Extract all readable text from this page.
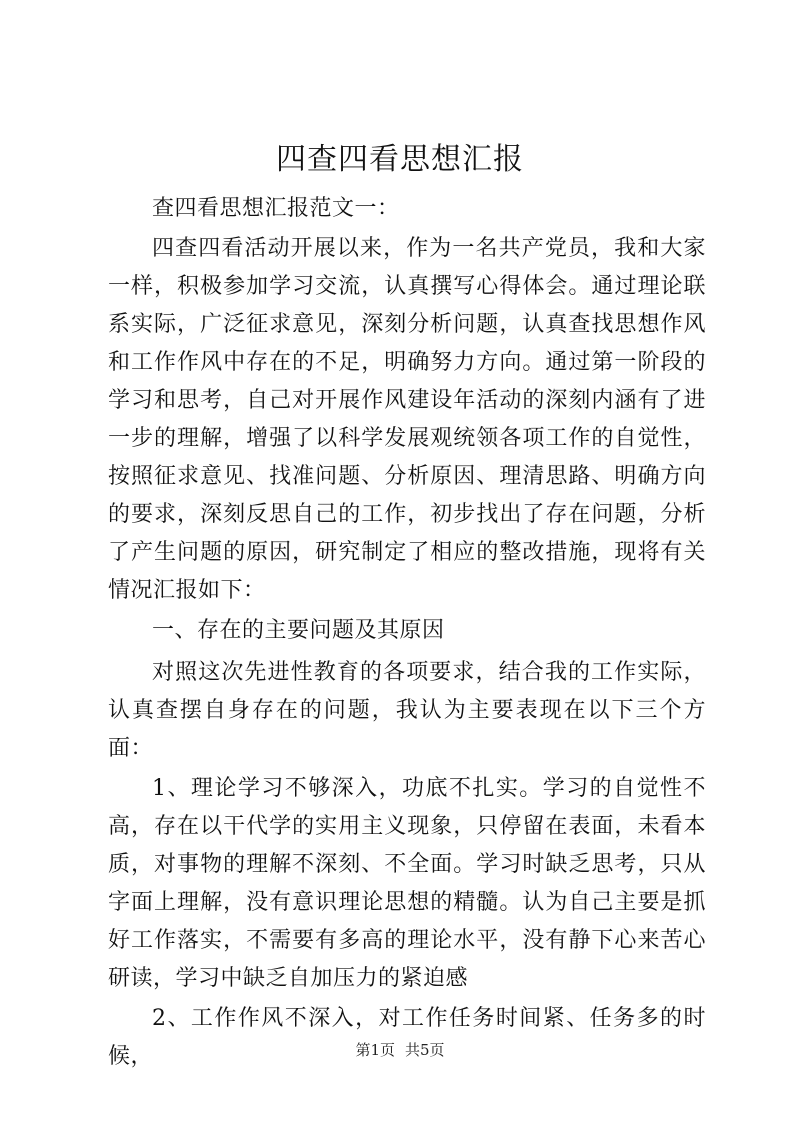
四查四看思想汇报

查四看思想汇报范文一：

四查四看活动开展以来，作为一名共产党员，我和大家一样，积极参加学习交流，认真撰写心得体会。通过理论联系实际，广泛征求意见，深刻分析问题，认真查找思想作风和工作作风中存在的不足，明确努力方向。通过第一阶段的学习和思考，自己对开展作风建设年活动的深刻内涵有了进一步的理解，增强了以科学发展观统领各项工作的自觉性，按照征求意见、找准问题、分析原因、理清思路、明确方向的要求，深刻反思自己的工作，初步找出了存在问题，分析了产生问题的原因，研究制定了相应的整改措施，现将有关情况汇报如下：

一、存在的主要问题及其原因

对照这次先进性教育的各项要求，结合我的工作实际，认真查摆自身存在的问题，我认为主要表现在以下三个方面：

1、理论学习不够深入，功底不扎实。学习的自觉性不高，存在以干代学的实用主义现象，只停留在表面，未看本质，对事物的理解不深刻、不全面。学习时缺乏思考，只从字面上理解，没有意识理论思想的精髓。认为自己主要是抓好工作落实，不需要有多高的理论水平，没有静下心来苦心研读，学习中缺乏自加压力的紧迫感

2、工作作风不深入，对工作任务时间紧、任务多的时候，	第1页 共5页
